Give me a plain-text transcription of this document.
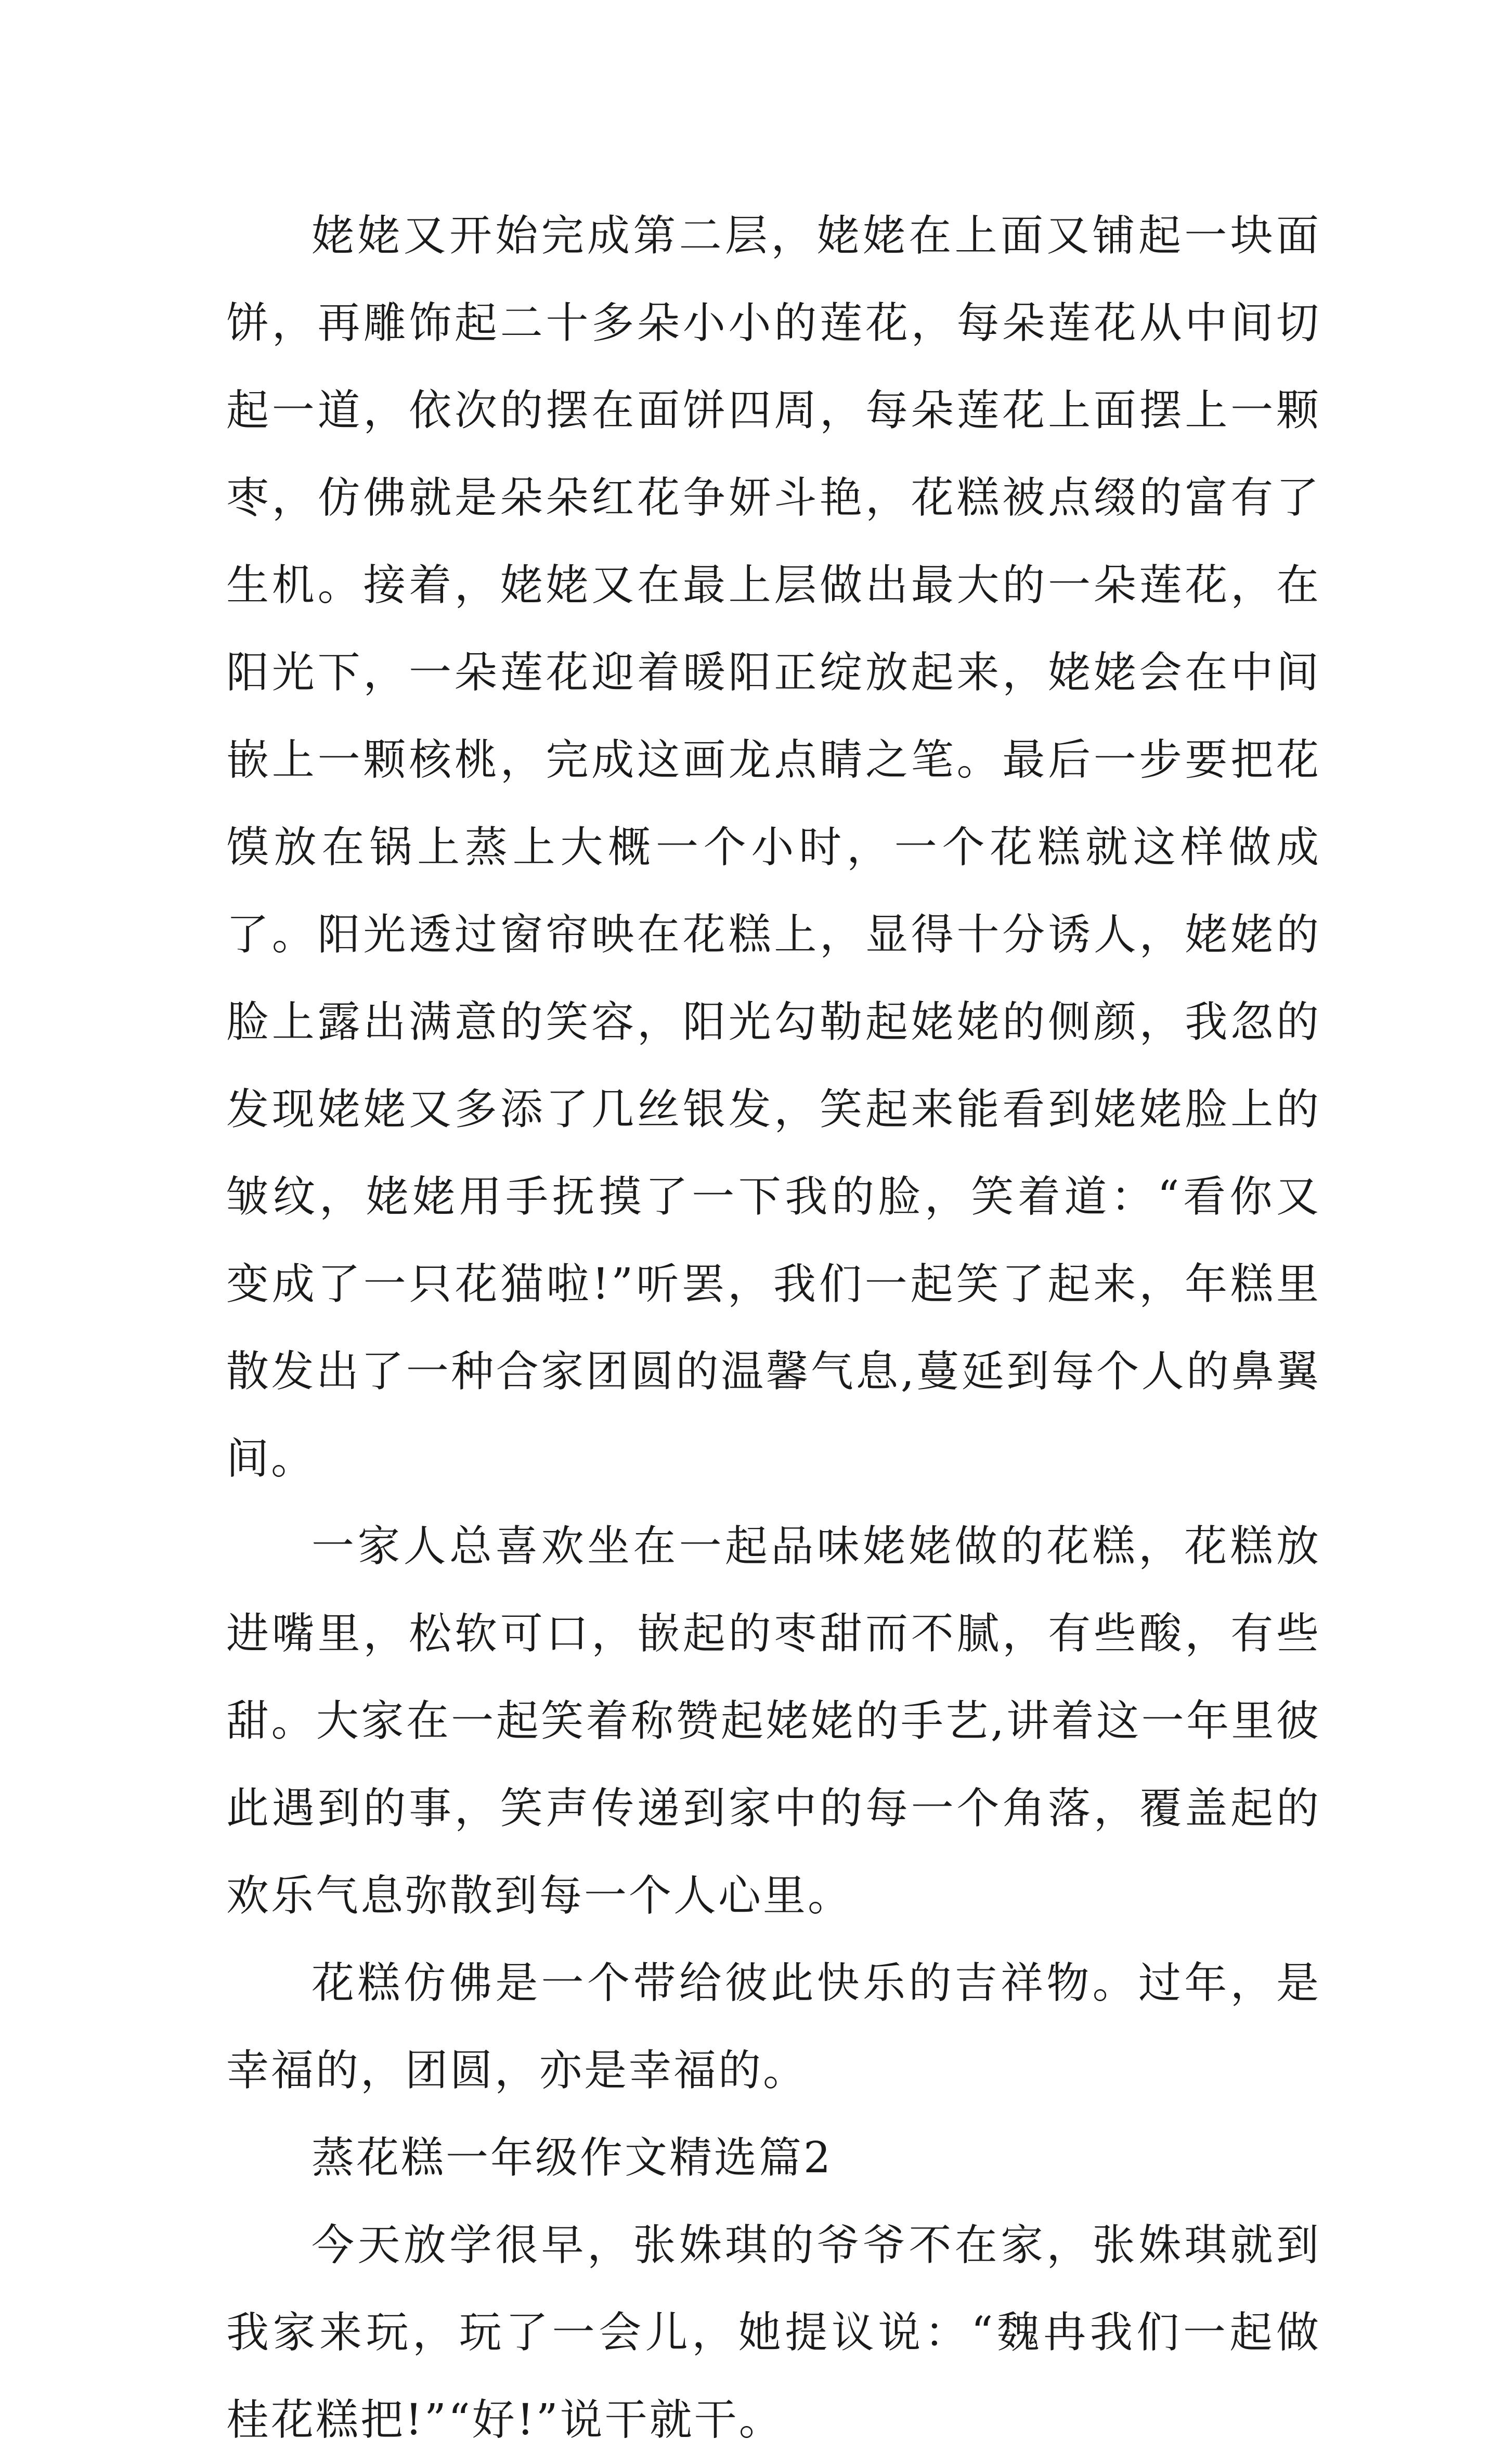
姥姥又开始完成第二层，姥姥在上面又铺起一块面饼，再雕饰起二十多朵小小的莲花，每朵莲花从中间切起一道，依次的摆在面饼四周，每朵莲花上面摆上一颗枣，仿佛就是朵朵红花争妍斗艳，花糕被点缀的富有了生机。接着，姥姥又在最上层做出最大的一朵莲花，在阳光下，一朵莲花迎着暖阳正绽放起来，姥姥会在中间嵌上一颗核桃，完成这画龙点睛之笔。最后一步要把花馍放在锅上蒸上大概一个小时，一个花糕就这样做成了。阳光透过窗帘映在花糕上，显得十分诱人，姥姥的脸上露出满意的笑容，阳光勾勒起姥姥的侧颜，我忽的发现姥姥又多添了几丝银发，笑起来能看到姥姥脸上的皱纹，姥姥用手抚摸了一下我的脸，笑着道：“看你又变成了一只花猫啦!”听罢，我们一起笑了起来，年糕里散发出了一种合家团圆的温馨气息,蔓延到每个人的鼻翼间。

一家人总喜欢坐在一起品味姥姥做的花糕，花糕放进嘴里，松软可口，嵌起的枣甜而不腻，有些酸，有些甜。大家在一起笑着称赞起姥姥的手艺,讲着这一年里彼此遇到的事，笑声传递到家中的每一个角落，覆盖起的欢乐气息弥散到每一个人心里。

花糕仿佛是一个带给彼此快乐的吉祥物。过年，是幸福的，团圆，亦是幸福的。

蒸花糕一年级作文精选篇2

今天放学很早，张姝琪的爷爷不在家，张姝琪就到我家来玩，玩了一会儿，她提议说：“魏冉我们一起做桂花糕把!”“好!”说干就干。
